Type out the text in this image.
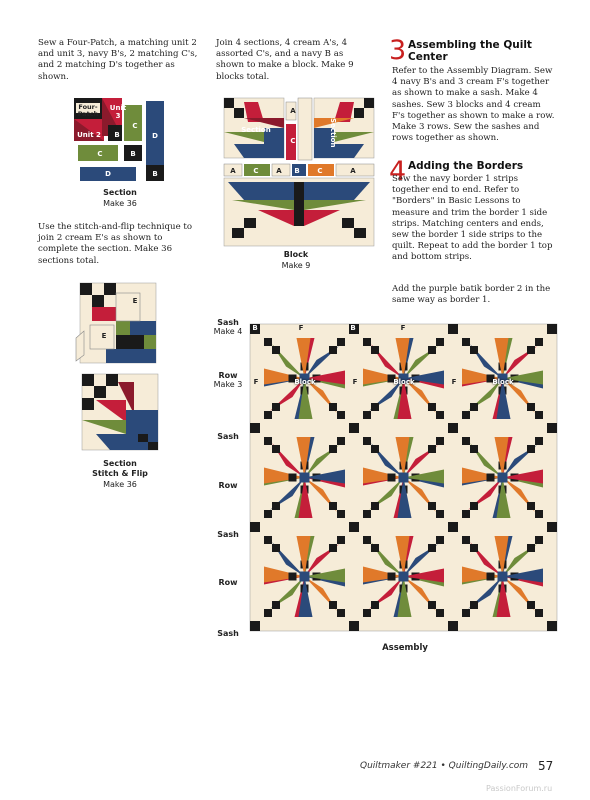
Sew a Four-Patch, a matching unit 2 and unit 3, navy B's, 2 matching C's, and 2 matching D's together as shown.
Four-Patch
Unit 2
Unit 3
B
C
D
C	B
D	B
Section
Make 36
Use the stitch-and-flip technique to join 2 cream E's as shown to complete the section. Make 36 sections total.
E
E
Section
Stitch & Flip
Make 36
Join 4 sections, 4 cream A's, 4 assorted C's, and a navy B as shown to make a block. Make 9 blocks total.
Section	Section
A
C
A	C	A	B	C	A
Block
Make 9
3 Assembling the Quilt Center
Refer to the Assembly Diagram. Sew 4 navy B's and 3 cream F's together as shown to make a sash. Make 4 sashes. Sew 3 blocks and 4 cream F's together as shown to make a row. Make 3 rows. Sew the sashes and rows together as shown.
4 Adding the Borders
Sew the navy border 1 strips together end to end. Refer to "Borders" in Basic Lessons to measure and trim the border 1 side strips. Matching centers and ends, sew the border 1 side strips to the quilt. Repeat to add the border 1 top and bottom strips.
Add the purple batik border 2 in the same way as border 1.
Sash
Make 4
Row
Make 3
Sash
Row
Sash
Row
Sash
B	F	B	F
F	F	F
Block	Block	Block
Assembly
Quiltmaker #221 • QuiltingDaily.com 57
PassionForum.ru
